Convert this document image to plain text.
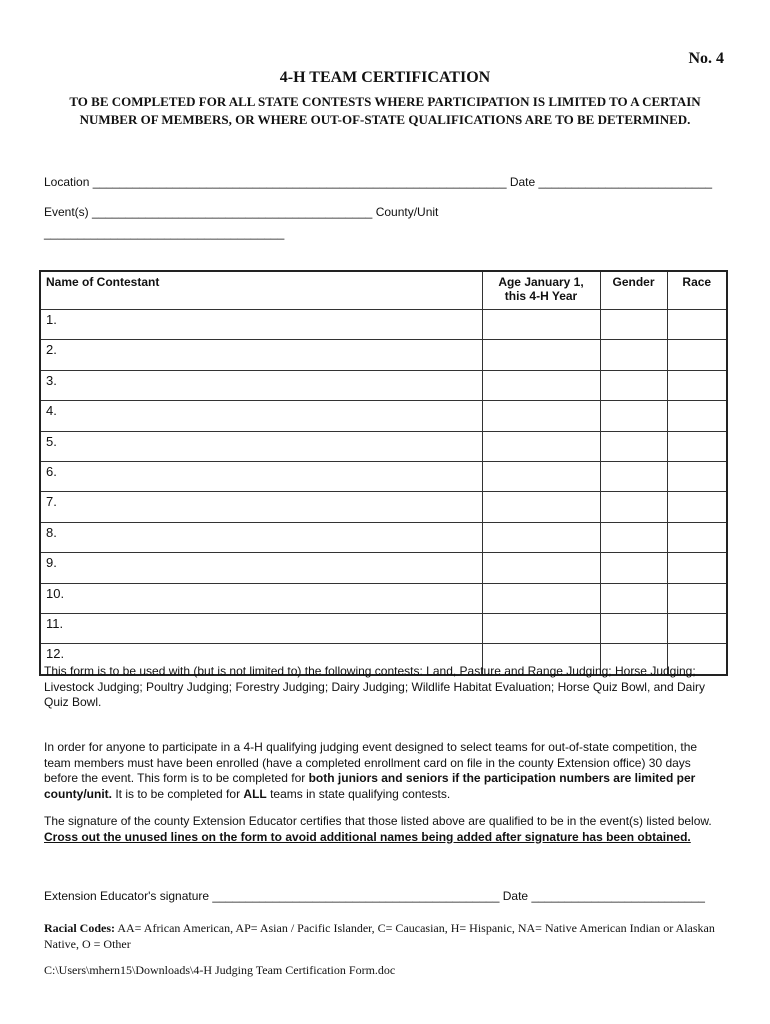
No. 4
4-H TEAM CERTIFICATION
TO BE COMPLETED FOR ALL STATE CONTESTS WHERE PARTICIPATION IS LIMITED TO A CERTAIN NUMBER OF MEMBERS, OR WHERE OUT-OF-STATE QUALIFICATIONS ARE TO BE DETERMINED.
Location ______________________________________________________________ Date __________________________
Event(s) __________________________________________ County/Unit
____________________________________
Name of Contestant	Age January 1, this 4-H Year	Gender	Race
1.			
2.			
3.			
4.			
5.			
6.			
7.			
8.			
9.			
10.			
11.			
12.			
This form is to be used with (but is not limited to) the following contests: Land, Pasture and Range Judging; Horse Judging; Livestock Judging; Poultry Judging; Forestry Judging; Dairy Judging; Wildlife Habitat Evaluation; Horse Quiz Bowl, and Dairy Quiz Bowl.
In order for anyone to participate in a 4-H qualifying judging event designed to select teams for out-of-state competition, the team members must have been enrolled (have a completed enrollment card on file in the county Extension office) 30 days before the event. This form is to be completed for both juniors and seniors if the participation numbers are limited per county/unit. It is to be completed for ALL teams in state qualifying contests.
The signature of the county Extension Educator certifies that those listed above are qualified to be in the event(s) listed below. Cross out the unused lines on the form to avoid additional names being added after signature has been obtained.
Extension Educator's signature ___________________________________________ Date __________________________
Racial Codes: AA= African American, AP= Asian / Pacific Islander, C= Caucasian, H= Hispanic, NA= Native American Indian or Alaskan Native, O = Other
C:\Users\mhern15\Downloads\4-H Judging Team Certification Form.doc
